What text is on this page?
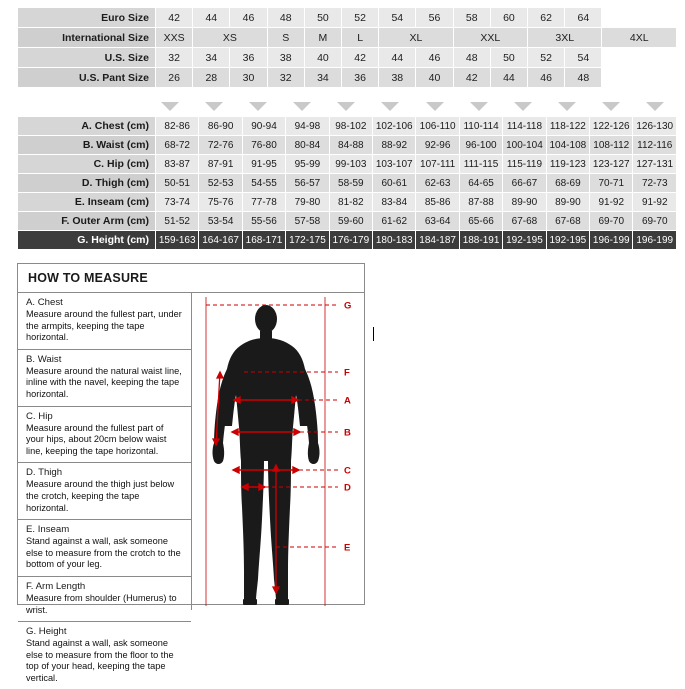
Euro Size	42	44	46	48	50	52	54	56	58	60	62	64	
International Size	XXS	XS		S	M	L	XL		XXL		3XL		4XL
U.S. Size	32	34	36	38	40	42	44	46	48	50	52	54	
U.S. Pant Size	26	28	30	32	34	36	38	40	42	44	46	48	
A. Chest (cm)	82-86	86-90	90-94	94-98	98-102	102-106	106-110	110-114	114-118	118-122	122-126	126-130
B. Waist (cm)	68-72	72-76	76-80	80-84	84-88	88-92	92-96	96-100	100-104	104-108	108-112	112-116
C. Hip (cm)	83-87	87-91	91-95	95-99	99-103	103-107	107-111	111-115	115-119	119-123	123-127	127-131
D. Thigh (cm)	50-51	52-53	54-55	56-57	58-59	60-61	62-63	64-65	66-67	68-69	70-71	72-73
E. Inseam (cm)	73-74	75-76	77-78	79-80	81-82	83-84	85-86	87-88	89-90	89-90	91-92	91-92
F. Outer Arm (cm)	51-52	53-54	55-56	57-58	59-60	61-62	63-64	65-66	67-68	67-68	69-70	69-70
G. Height (cm)	159-163	164-167	168-171	172-175	176-179	180-183	184-187	188-191	192-195	192-195	196-199	196-199
HOW TO MEASURE
A. Chest
Measure around the fullest part, under the armpits, keeping the tape horizontal.
B. Waist
Measure around the natural waist line, inline with the navel, keeping the tape horizontal.
C. Hip
Measure around the fullest part of your hips, about 20cm below waist line, keeping the tape horizontal.
D. Thigh
Measure around the thigh just below the crotch, keeping the tape horizontal.
E. Inseam
Stand against a wall, ask someone else to measure from the crotch to the bottom of your leg.
F. Arm Length
Measure from shoulder (Humerus) to wrist.
G. Height
Stand against a wall, ask someone else to measure from the floor to the top of your head, keeping the tape vertical.
G
F
A
B
C
D
E
